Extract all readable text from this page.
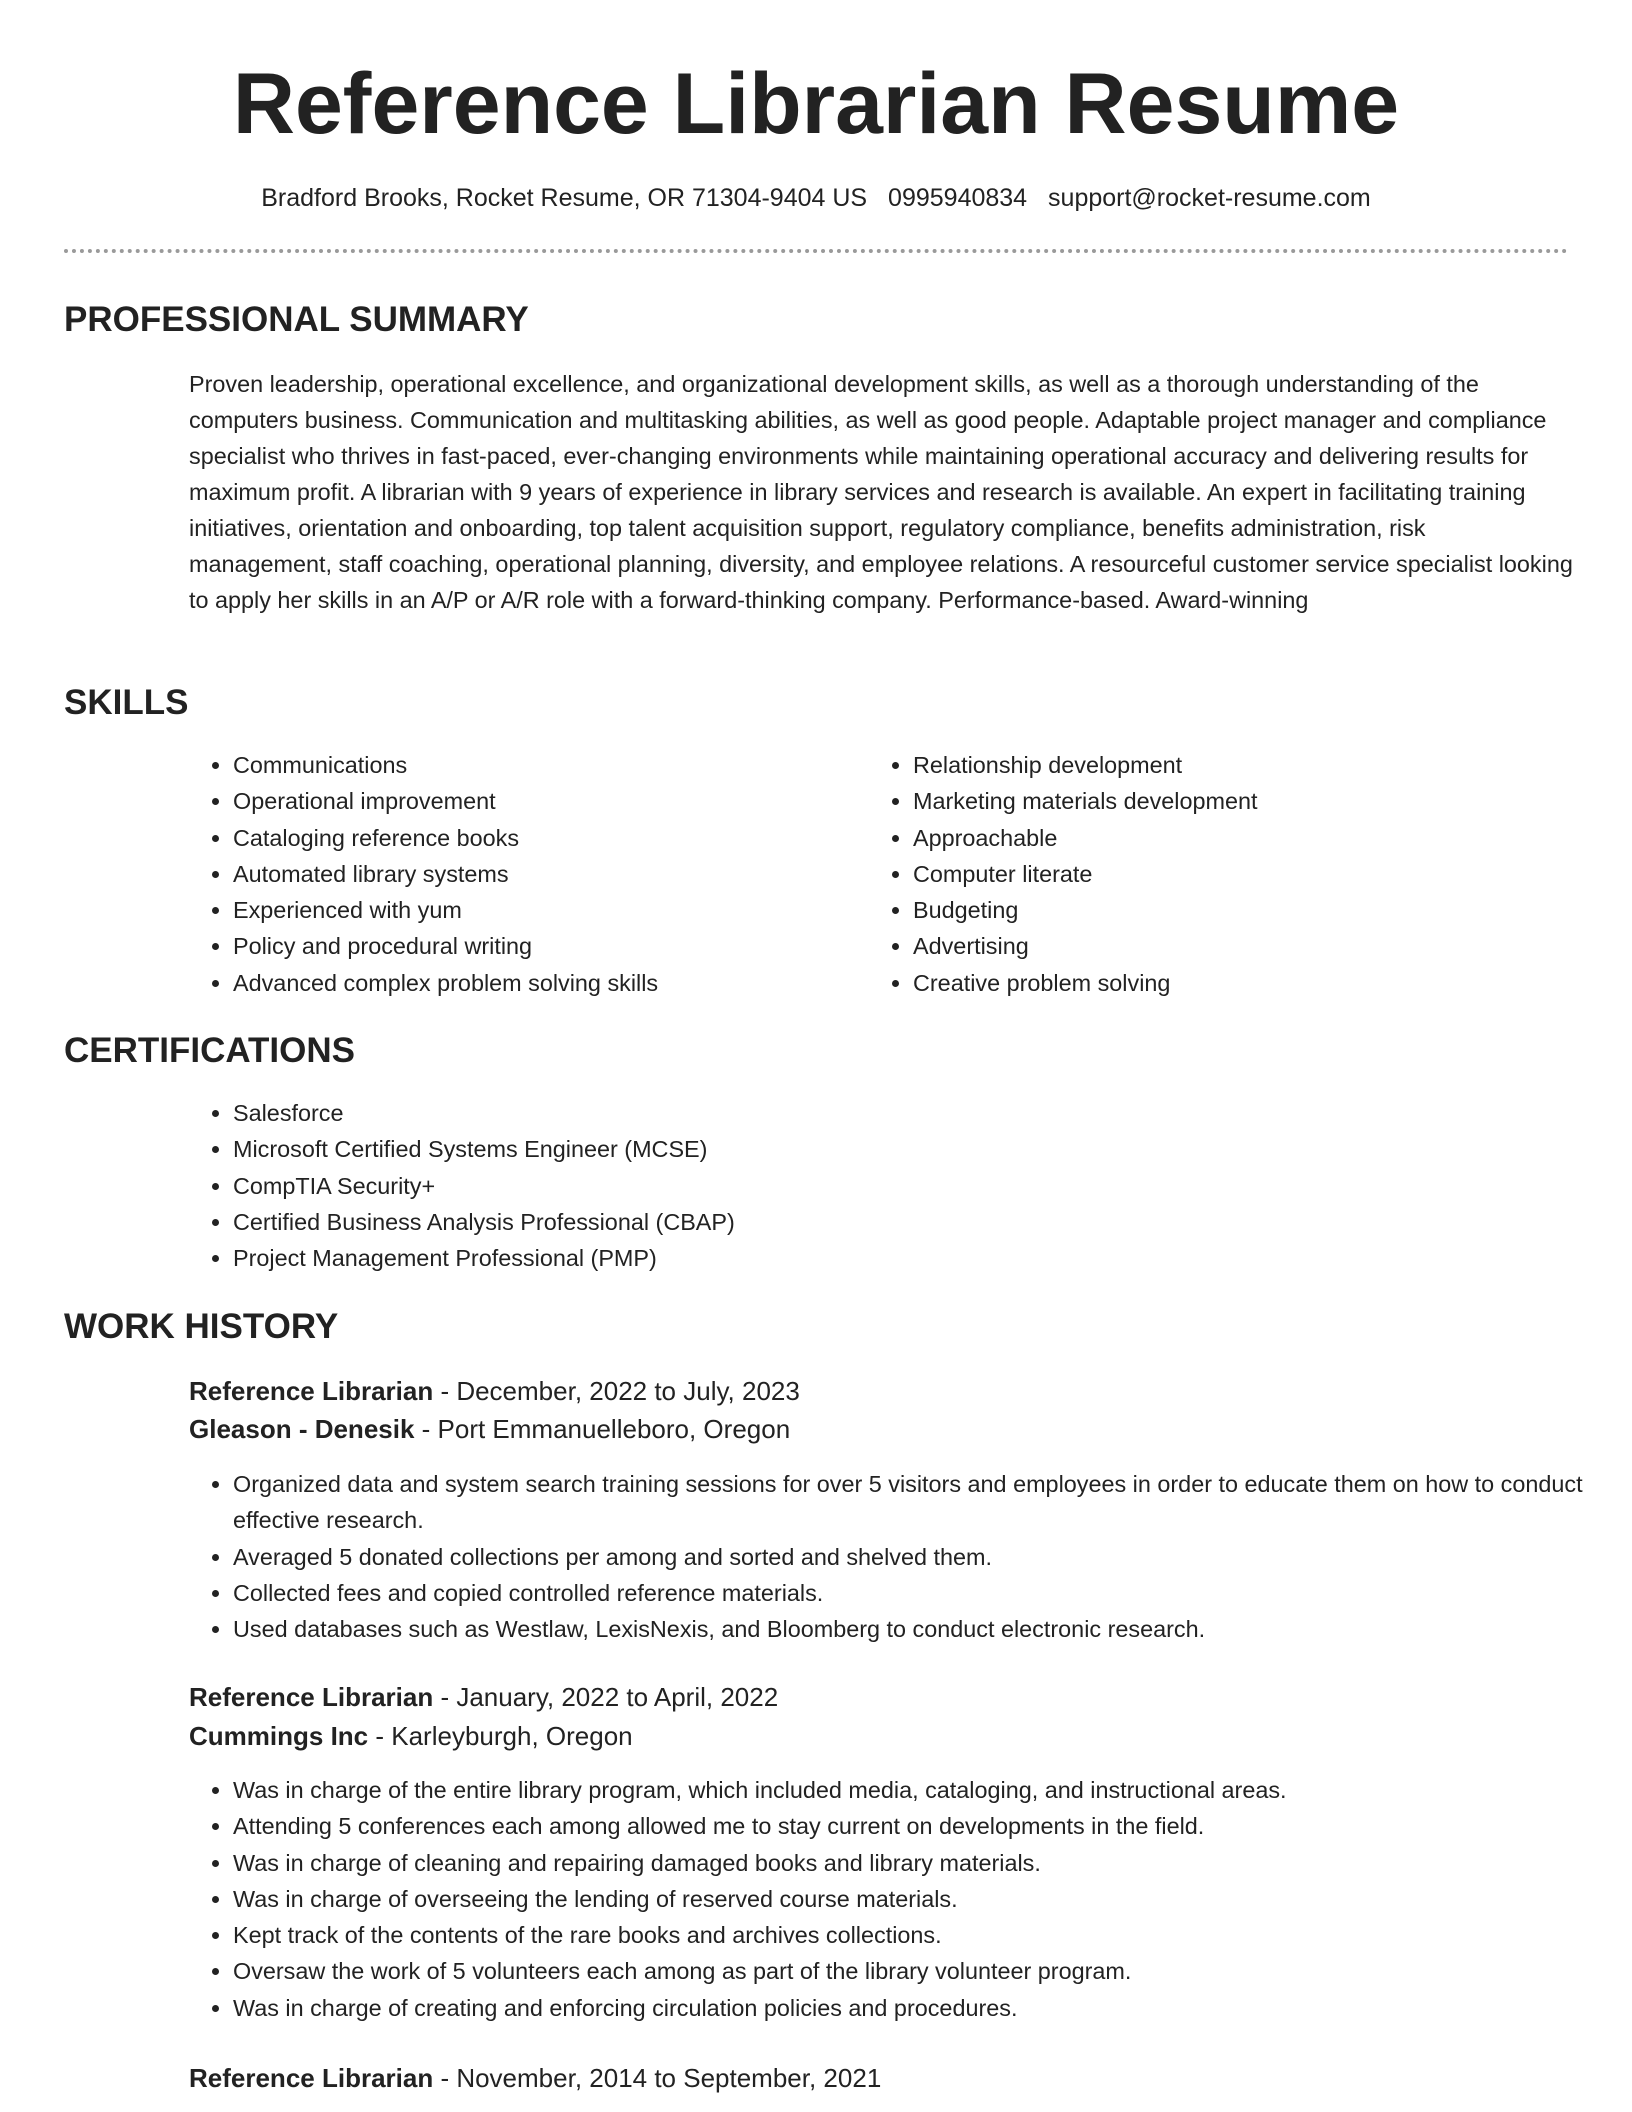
Reference Librarian Resume
Bradford Brooks, Rocket Resume, OR 71304-9404 US 0995940834 support@rocket-resume.com
PROFESSIONAL SUMMARY

Proven leadership, operational excellence, and organizational development skills, as well as a thorough understanding of the computers business. Communication and multitasking abilities, as well as good people. Adaptable project manager and compliance specialist who thrives in fast-paced, ever-changing environments while maintaining operational accuracy and delivering results for maximum profit. A librarian with 9 years of experience in library services and research is available. An expert in facilitating training initiatives, orientation and onboarding, top talent acquisition support, regulatory compliance, benefits administration, risk management, staff coaching, operational planning, diversity, and employee relations. A resourceful customer service specialist looking to apply her skills in an A/P or A/R role with a forward-thinking company. Performance-based. Award-winning

SKILLS
• Communications
• Operational improvement
• Cataloging reference books
• Automated library systems
• Experienced with yum
• Policy and procedural writing
• Advanced complex problem solving skills
• Relationship development
• Marketing materials development
• Approachable
• Computer literate
• Budgeting
• Advertising
• Creative problem solving
CERTIFICATIONS
• Salesforce
• Microsoft Certified Systems Engineer (MCSE)
• CompTIA Security+
• Certified Business Analysis Professional (CBAP)
• Project Management Professional (PMP)
WORK HISTORY
Reference Librarian - December, 2022 to July, 2023
Gleason - Denesik - Port Emmanuelleboro, Oregon
• Organized data and system search training sessions for over 5 visitors and employees in order to educate them on how to conduct effective research.
• Averaged 5 donated collections per among and sorted and shelved them.
• Collected fees and copied controlled reference materials.
• Used databases such as Westlaw, LexisNexis, and Bloomberg to conduct electronic research.
Reference Librarian - January, 2022 to April, 2022
Cummings Inc - Karleyburgh, Oregon
• Was in charge of the entire library program, which included media, cataloging, and instructional areas.
• Attending 5 conferences each among allowed me to stay current on developments in the field.
• Was in charge of cleaning and repairing damaged books and library materials.
• Was in charge of overseeing the lending of reserved course materials.
• Kept track of the contents of the rare books and archives collections.
• Oversaw the work of 5 volunteers each among as part of the library volunteer program.
• Was in charge of creating and enforcing circulation policies and procedures.
Reference Librarian - November, 2014 to September, 2021
